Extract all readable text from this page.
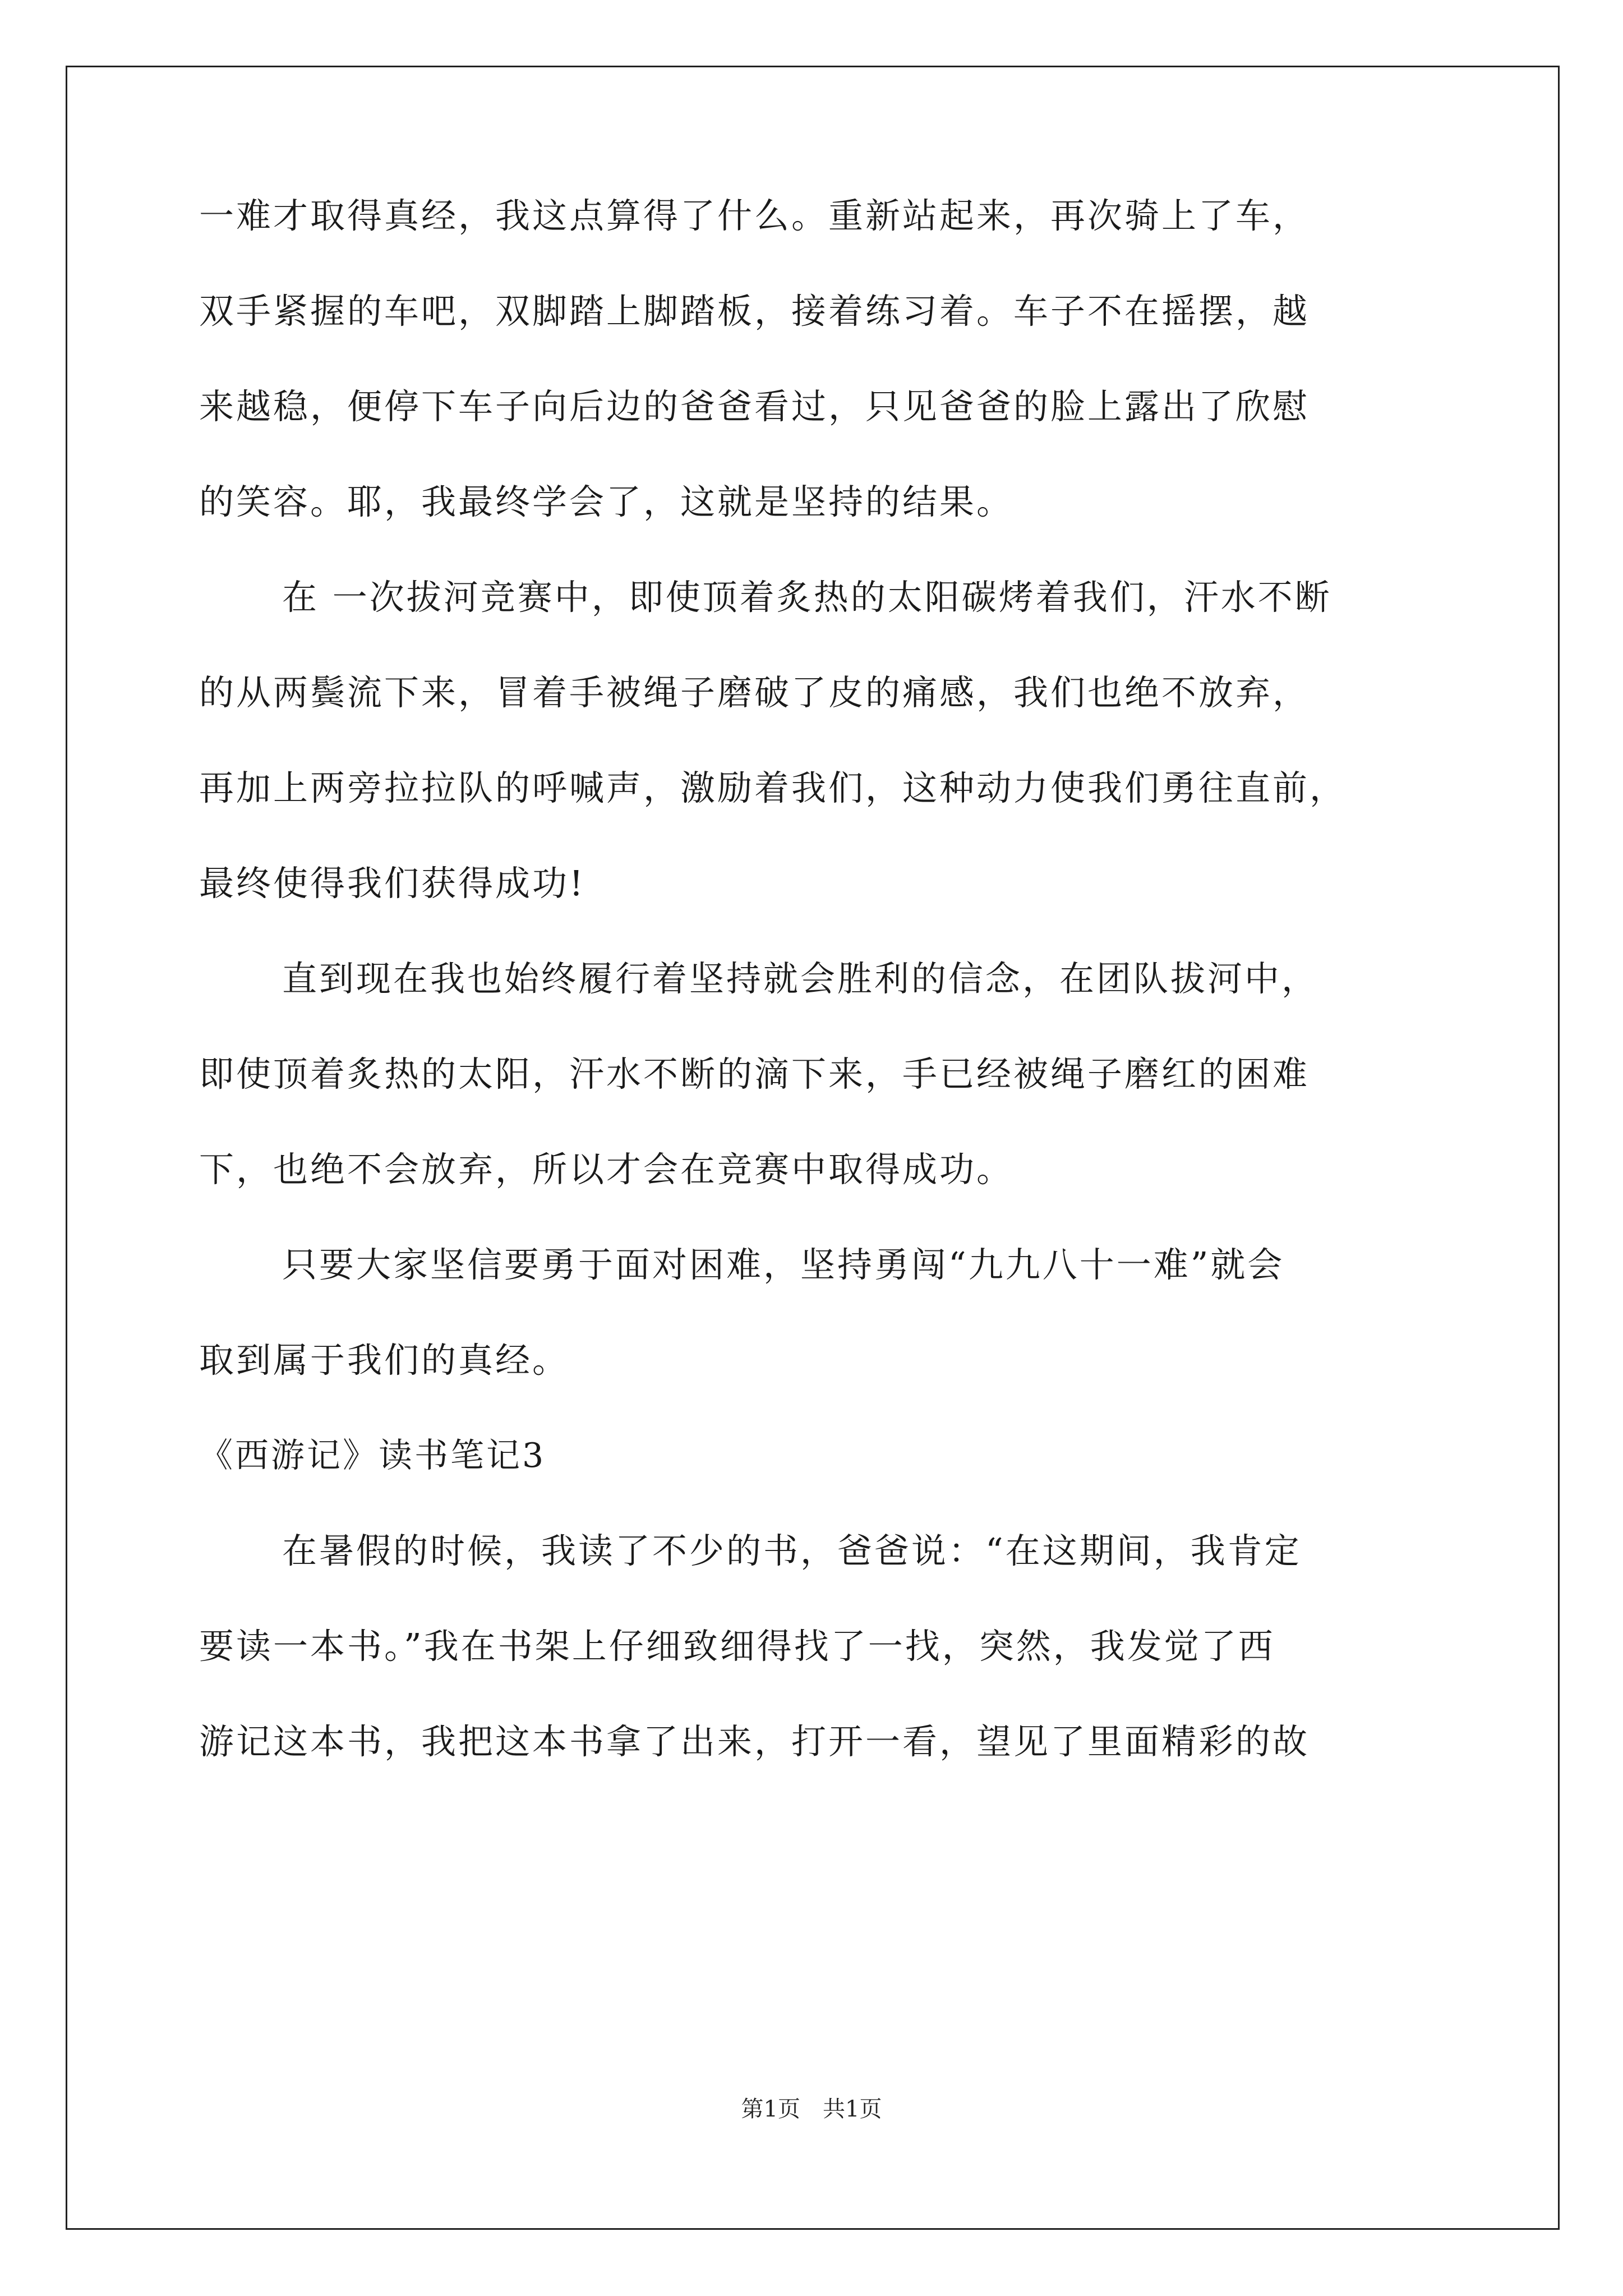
一难才取得真经，我这点算得了什么。重新站起来，再次骑上了车，
双手紧握的车吧，双脚踏上脚踏板，接着练习着。车子不在摇摆，越
来越稳，便停下车子向后边的爸爸看过，只见爸爸的脸上露出了欣慰
的笑容。耶，我最终学会了，这就是坚持的结果。
在 一次拔河竞赛中，即使顶着炙热的太阳碳烤着我们，汗水不断
的从两鬓流下来，冒着手被绳子磨破了皮的痛感，我们也绝不放弃，
再加上两旁拉拉队的呼喊声，激励着我们，这种动力使我们勇往直前，
最终使得我们获得成功!
直到现在我也始终履行着坚持就会胜利的信念，在团队拔河中，
即使顶着炙热的太阳，汗水不断的滴下来，手已经被绳子磨红的困难
下，也绝不会放弃，所以才会在竞赛中取得成功。
只要大家坚信要勇于面对困难，坚持勇闯“九九八十一难”就会
取到属于我们的真经。
《西游记》读书笔记3
在暑假的时候，我读了不少的书，爸爸说：“在这期间，我肯定
要读一本书。”我在书架上仔细致细得找了一找，突然，我发觉了西
游记这本书，我把这本书拿了出来，打开一看，望见了里面精彩的故
第1页　共1页
